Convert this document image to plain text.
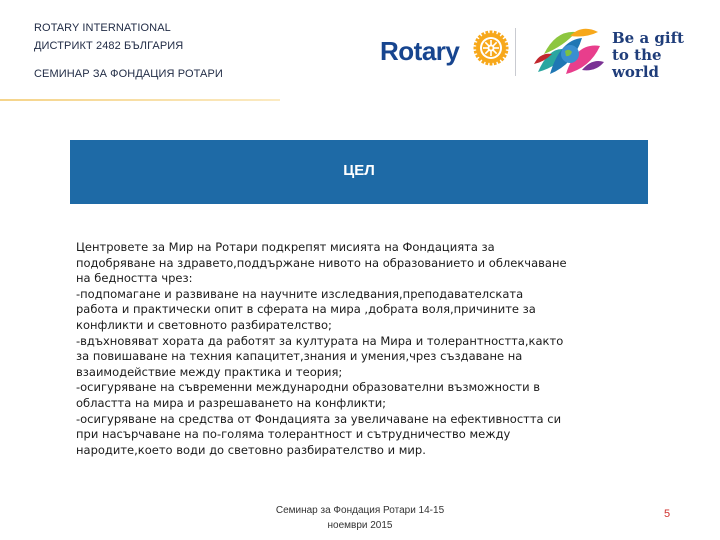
ROTARY INTERNATIONAL
ДИСТРИКТ 2482 БЪЛГАРИЯ
СЕМИНАР ЗА ФОНДАЦИЯ РОТАРИ
Rotary	Be a gift
to the world
ЦЕЛ

Центровете за Мир на Ротари подкрепят мисията на Фондацията за
подобряване на здравето,поддържане нивото на образованието и облекчаване
на бедността чрез:
-подпомагане и развиване на научните изследвания,преподавателската
работа и практически опит в сферата на мира ,добрата воля,причините за
конфликти и световното разбирателство;
-вдъхновяват хората да работят за културата на Мира и толерантността,както
за повишаване на техния капацитет,знания и умения,чрез създаване на
взаимодействие между практика и теория;
-осигуряване на съвременни международни образователни възможности в
областта на мира и разрешаването на конфликти;
-осигуряване на средства от Фондацията за увеличаване на ефективността си
при насърчаване на по-голяма толерантност и сътрудничество между
народите,което води до световно разбирателство и мир.

Семинар за Фондация Ротари 14-15
ноември 2015
5
